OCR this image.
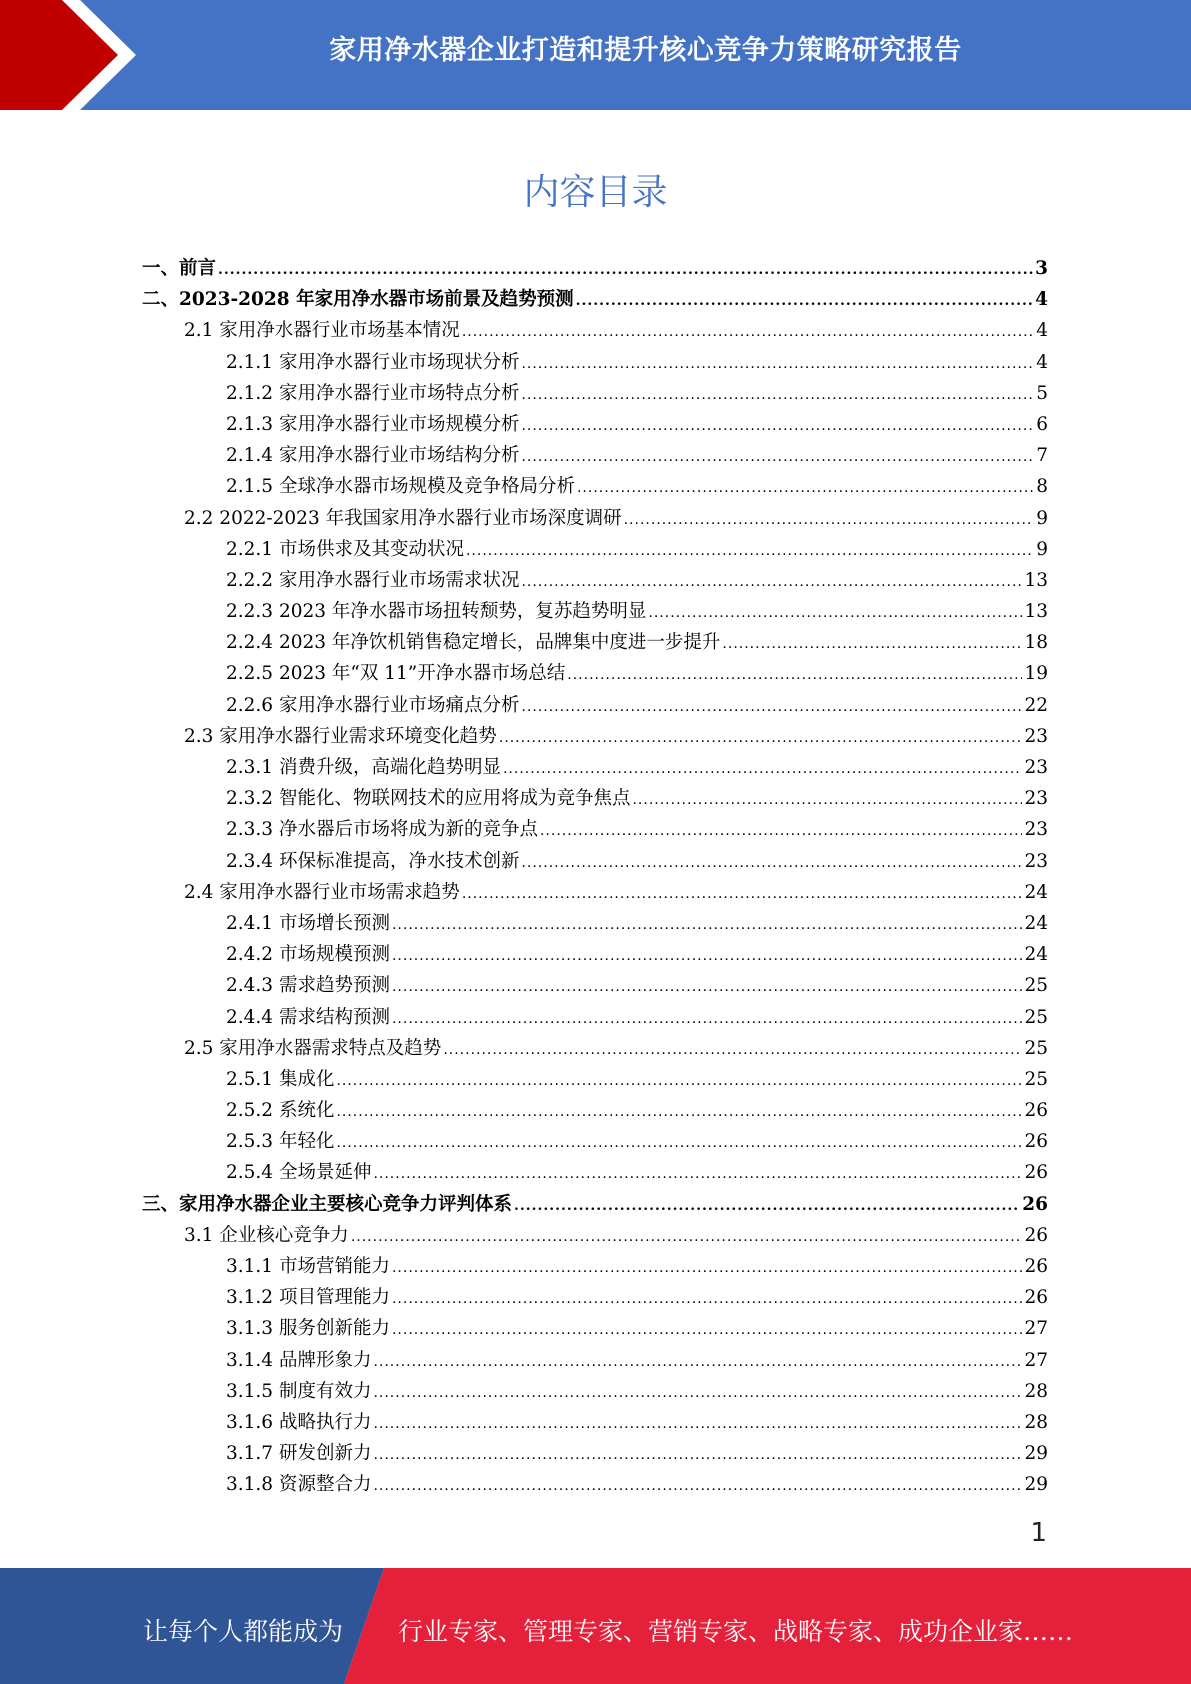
家用净水器企业打造和提升核心竞争力策略研究报告
内容目录
一、前言 .....	3
二、2023-2028 年家用净水器市场前景及趋势预测 .....	4
2.1 家用净水器行业市场基本情况 .....	4
2.1.1 家用净水器行业市场现状分析 .....	4
2.1.2 家用净水器行业市场特点分析 .....	5
2.1.3 家用净水器行业市场规模分析 .....	6
2.1.4 家用净水器行业市场结构分析 .....	7
2.1.5 全球净水器市场规模及竞争格局分析 .....	8
2.2 2022-2023 年我国家用净水器行业市场深度调研 .....	9
2.2.1 市场供求及其变动状况 .....	9
2.2.2 家用净水器行业市场需求状况 .....	13
2.2.3 2023 年净水器市场扭转颓势，复苏趋势明显 .....	13
2.2.4 2023 年净饮机销售稳定增长，品牌集中度进一步提升 .....	18
2.2.5 2023 年“双 11”开净水器市场总结 .....	19
2.2.6 家用净水器行业市场痛点分析 .....	22
2.3 家用净水器行业需求环境变化趋势 .....	23
2.3.1 消费升级，高端化趋势明显 .....	23
2.3.2 智能化、物联网技术的应用将成为竞争焦点 .....	23
2.3.3 净水器后市场将成为新的竞争点 .....	23
2.3.4 环保标准提高，净水技术创新 .....	23
2.4 家用净水器行业市场需求趋势 .....	24
2.4.1 市场增长预测 .....	24
2.4.2 市场规模预测 .....	24
2.4.3 需求趋势预测 .....	25
2.4.4 需求结构预测 .....	25
2.5 家用净水器需求特点及趋势 .....	25
2.5.1 集成化 .....	25
2.5.2 系统化 .....	26
2.5.3 年轻化 .....	26
2.5.4 全场景延伸 .....	26
三、家用净水器企业主要核心竞争力评判体系 .....	26
3.1 企业核心竞争力 .....	26
3.1.1 市场营销能力 .....	26
3.1.2 项目管理能力 .....	26
3.1.3 服务创新能力 .....	27
3.1.4 品牌形象力 .....	27
3.1.5 制度有效力 .....	28
3.1.6 战略执行力 .....	28
3.1.7 研发创新力 .....	29
3.1.8 资源整合力 .....	29
1
让每个人都能成为 行业专家、管理专家、营销专家、战略专家、成功企业家……
